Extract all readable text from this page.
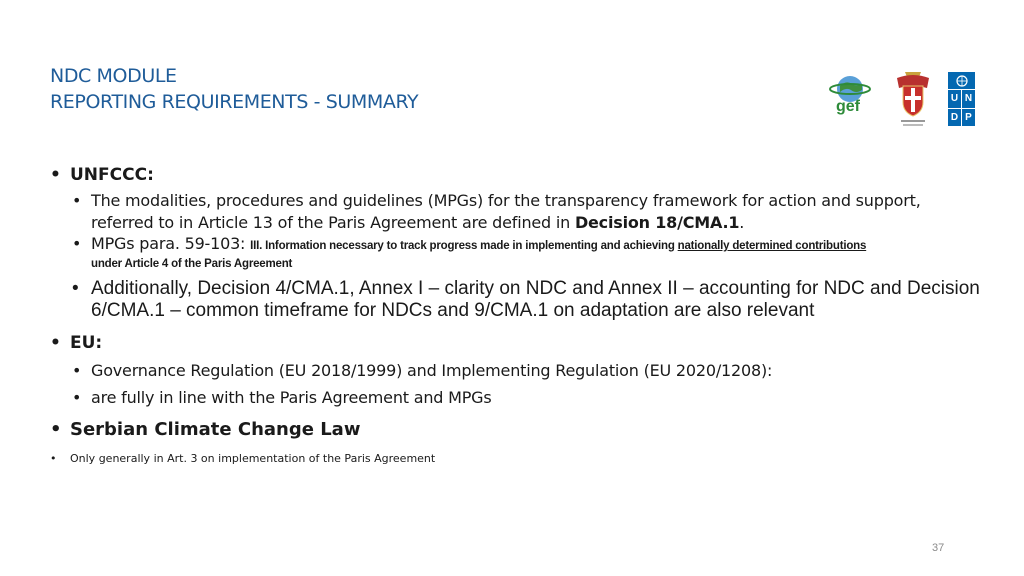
NDC MODULE
REPORTING REQUIREMENTS - SUMMARY	gef	U N
D P
• UNFCCC:
• The modalities, procedures and guidelines (MPGs) for the transparency framework for action and support, referred to in Article 13 of the Paris Agreement are defined in Decision 18/CMA.1.
• MPGs para. 59-103: III. Information necessary to track progress made in implementing and achieving nationally determined contributions
under Article 4 of the Paris Agreement
• Additionally, Decision 4/CMA.1, Annex I – clarity on NDC and Annex II – accounting for NDC and Decision 6/CMA.1 – common timeframe for NDCs and 9/CMA.1 on adaptation are also relevant
• EU:
• Governance Regulation (EU 2018/1999) and Implementing Regulation (EU 2020/1208):
• are fully in line with the Paris Agreement and MPGs
• Serbian Climate Change Law
• Only generally in Art. 3 on implementation of the Paris Agreement
37
